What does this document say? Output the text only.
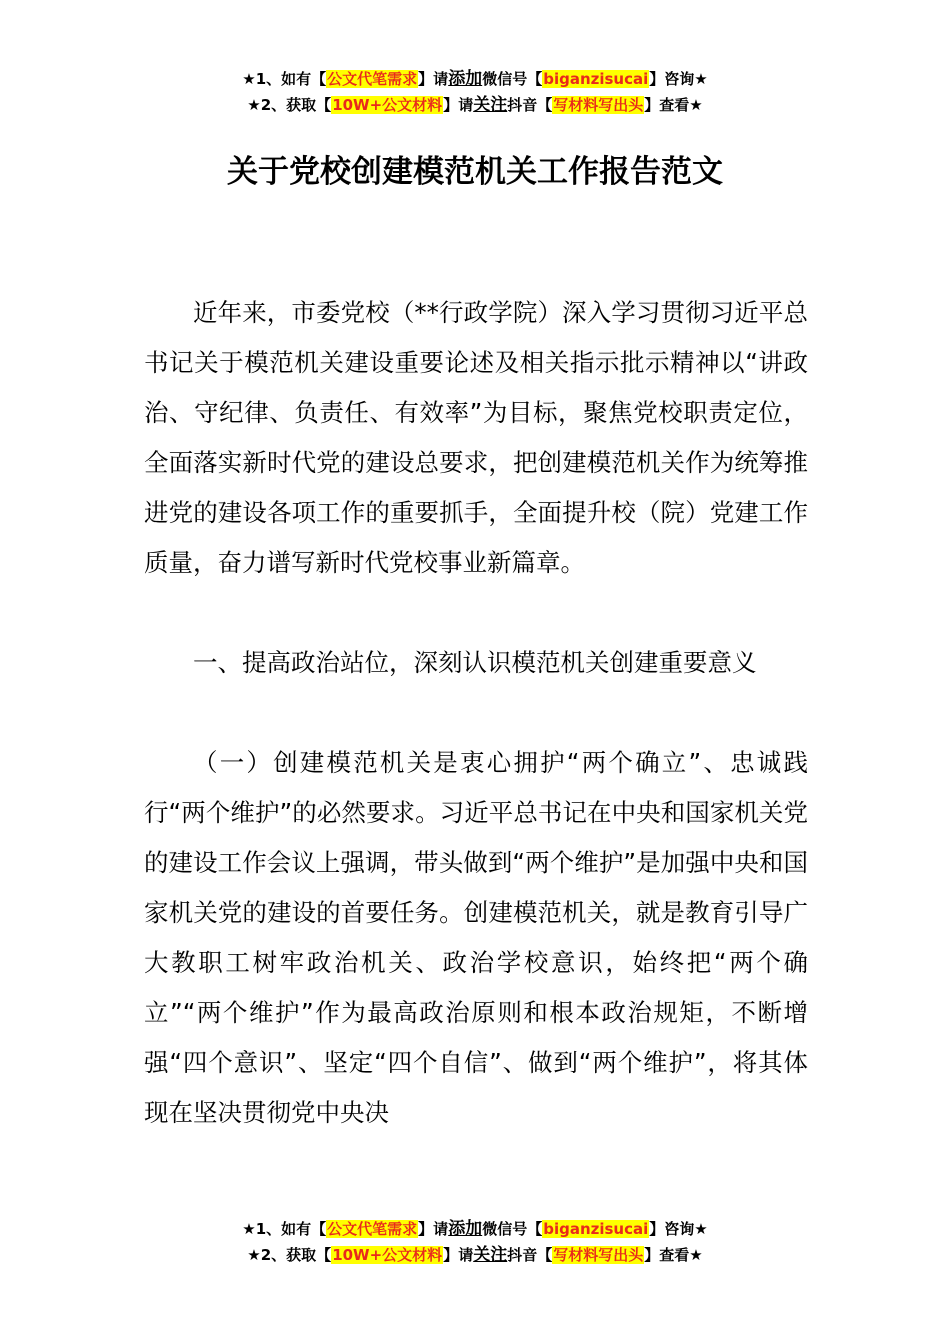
★1、如有【公文代笔需求】请添加微信号【biganzisucai】咨询★
★2、获取【10W+公文材料】请关注抖音【写材料写出头】查看★
关于党校创建模范机关工作报告范文

近年来，市委党校（**行政学院）深入学习贯彻习近平总书记关于模范机关建设重要论述及相关指示批示精神以“讲政治、守纪律、负责任、有效率”为目标，聚焦党校职责定位，全面落实新时代党的建设总要求，把创建模范机关作为统筹推进党的建设各项工作的重要抓手，全面提升校（院）党建工作质量，奋力谱写新时代党校事业新篇章。

一、提高政治站位，深刻认识模范机关创建重要意义

（一）创建模范机关是衷心拥护“两个确立”、忠诚践行“两个维护”的必然要求。习近平总书记在中央和国家机关党的建设工作会议上强调，带头做到“两个维护”是加强中央和国家机关党的建设的首要任务。创建模范机关，就是教育引导广大教职工树牢政治机关、政治学校意识，始终把“两个确立”“两个维护”作为最高政治原则和根本政治规矩，不断增强“四个意识”、坚定“四个自信”、做到“两个维护”，将其体现在坚决贯彻党中央决

★1、如有【公文代笔需求】请添加微信号【biganzisucai】咨询★
★2、获取【10W+公文材料】请关注抖音【写材料写出头】查看★
